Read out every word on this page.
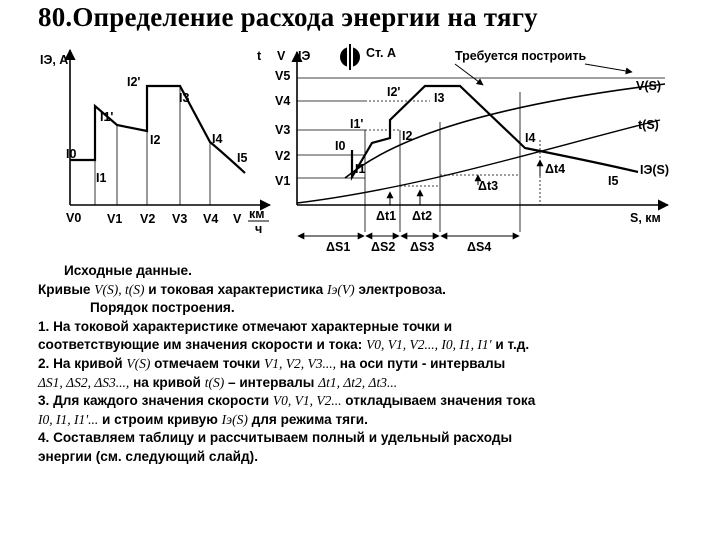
80.Определение расхода энергии на тягу
IЭ, A
I0
I1
I1'
I2'
I2
I3
I4
I5
V0 V1 V2 V3 V4 V км
ч
t V IЭ
V5
V4
V3
V2
V1
Ст. А	Требуется построить
Δt1 Δt2
Δt3
Δt4
ΔS1 ΔS2 ΔS3	ΔS4
V(S)
t(S)
IЭ(S)
S, км
I0
I1
I1'
I2'	I3
I4
I5
I2
Исходные данные.
Кривые V(S), t(S) и токовая характеристика Iэ(V) электровоза.
Порядок построения.
1. На токовой характеристике отмечают характерные точки и
соответствующие им значения скорости и тока: V0, V1, V2..., I0, I1, I1' и т.д.
2. На кривой V(S) отмечаем точки V1, V2, V3..., на оси пути - интервалы
ΔS1, ΔS2, ΔS3..., на кривой t(S) – интервалы Δt1, Δt2, Δt3...
3. Для каждого значения скорости V0, V1, V2... откладываем значения тока
I0, I1, I1'... и строим кривую Iэ(S) для режима тяги.
4. Составляем таблицу и рассчитываем полный и удельный расходы
энергии (см. следующий слайд).
